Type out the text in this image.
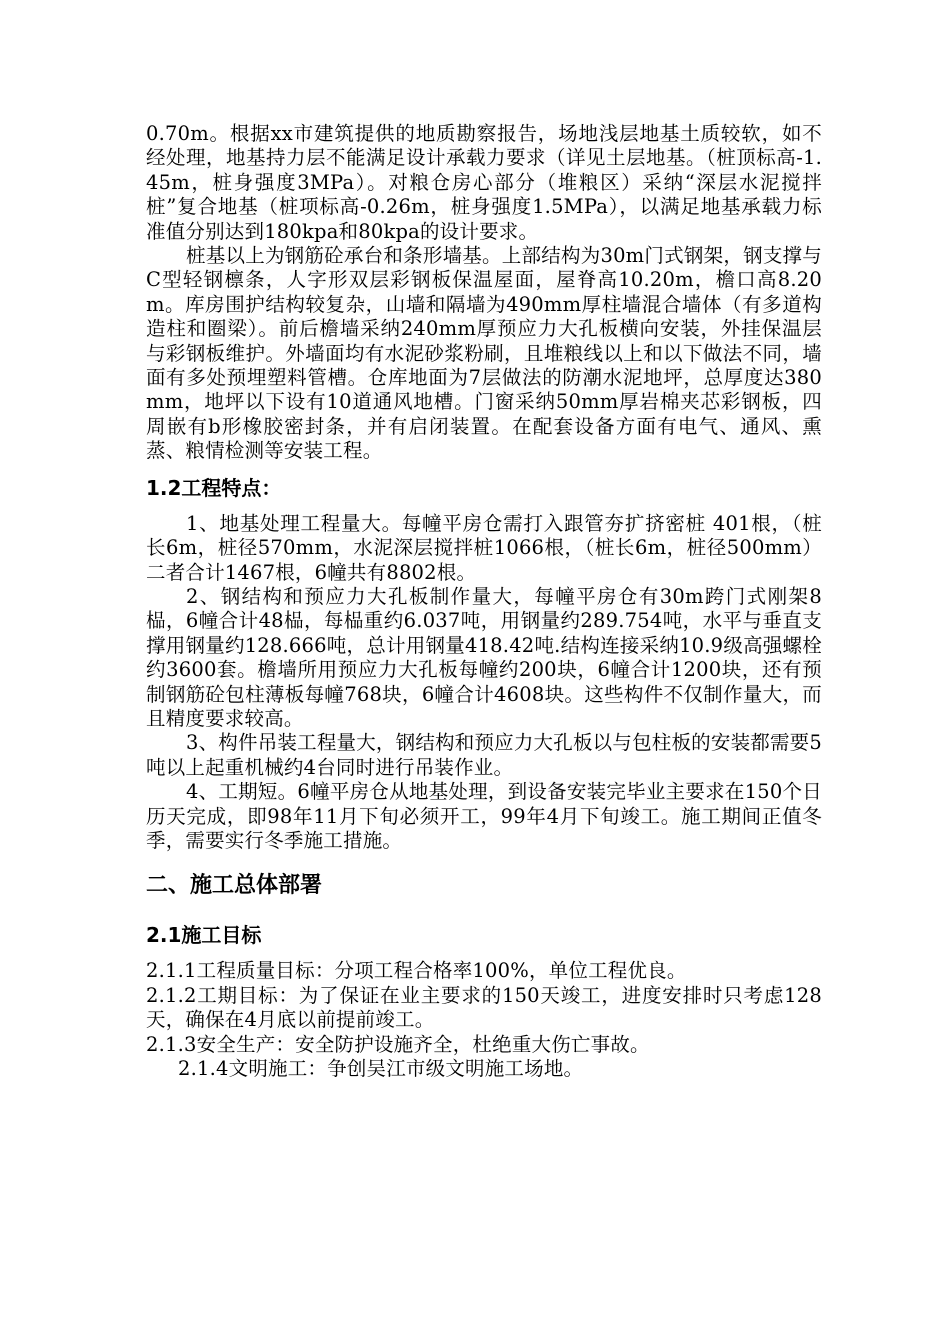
0.70m。根据xx市建筑提供的地质勘察报告，场地浅层地基土质较软，如不经处理，地基持力层不能满足设计承载力要求（详见土层地基。（桩顶标高-1.45m，桩身强度3MPa）。对粮仓房心部分（堆粮区）采纳“深层水泥搅拌桩”复合地基（桩项标高-0.26m，桩身强度1.5MPa），以满足地基承载力标准值分别达到180kpa和80kpa的设计要求。

桩基以上为钢筋砼承台和条形墙基。上部结构为30m门式钢架，钢支撑与C型轻钢檩条，人字形双层彩钢板保温屋面，屋脊高10.20m，檐口高8.20m。库房围护结构较复杂，山墙和隔墙为490mm厚柱墙混合墙体（有多道构造柱和圈梁）。前后檐墙采纳240mm厚预应力大孔板横向安装，外挂保温层与彩钢板维护。外墙面均有水泥砂浆粉刷，且堆粮线以上和以下做法不同，墙面有多处预埋塑料管槽。仓库地面为7层做法的防潮水泥地坪，总厚度达380mm，地坪以下设有10道通风地槽。门窗采纳50mm厚岩棉夹芯彩钢板，四周嵌有b形橡胶密封条，并有启闭装置。在配套设备方面有电气、通风、熏蒸、粮情检测等安装工程。

1.2工程特点：

1、地基处理工程量大。每幢平房仓需打入跟管夯扩挤密桩 401根，（桩长6m，桩径570mm，水泥深层搅拌桩1066根，（桩长6m，桩径500mm）二者合计1467根，6幢共有8802根。

2、钢结构和预应力大孔板制作量大，每幢平房仓有30m跨门式刚架8榀，6幢合计48榀，每榀重约6.037吨，用钢量约289.754吨，水平与垂直支撑用钢量约128.666吨，总计用钢量418.42吨.结构连接采纳10.9级高强螺栓约3600套。檐墙所用预应力大孔板每幢约200块，6幢合计1200块，还有预制钢筋砼包柱薄板每幢768块，6幢合计4608块。这些构件不仅制作量大，而且精度要求较高。

3、构件吊装工程量大，钢结构和预应力大孔板以与包柱板的安装都需要5吨以上起重机械约4台同时进行吊装作业。

4、工期短。6幢平房仓从地基处理，到设备安装完毕业主要求在150个日历天完成，即98年11月下旬必须开工，99年4月下旬竣工。施工期间正值冬季，需要实行冬季施工措施。

二、施工总体部署

2.1施工目标

2.1.1工程质量目标：分项工程合格率100%，单位工程优良。

2.1.2工期目标：为了保证在业主要求的150天竣工，进度安排时只考虑128天，确保在4月底以前提前竣工。

2.1.3安全生产：安全防护设施齐全，杜绝重大伤亡事故。

2.1.4文明施工：争创吴江市级文明施工场地。
